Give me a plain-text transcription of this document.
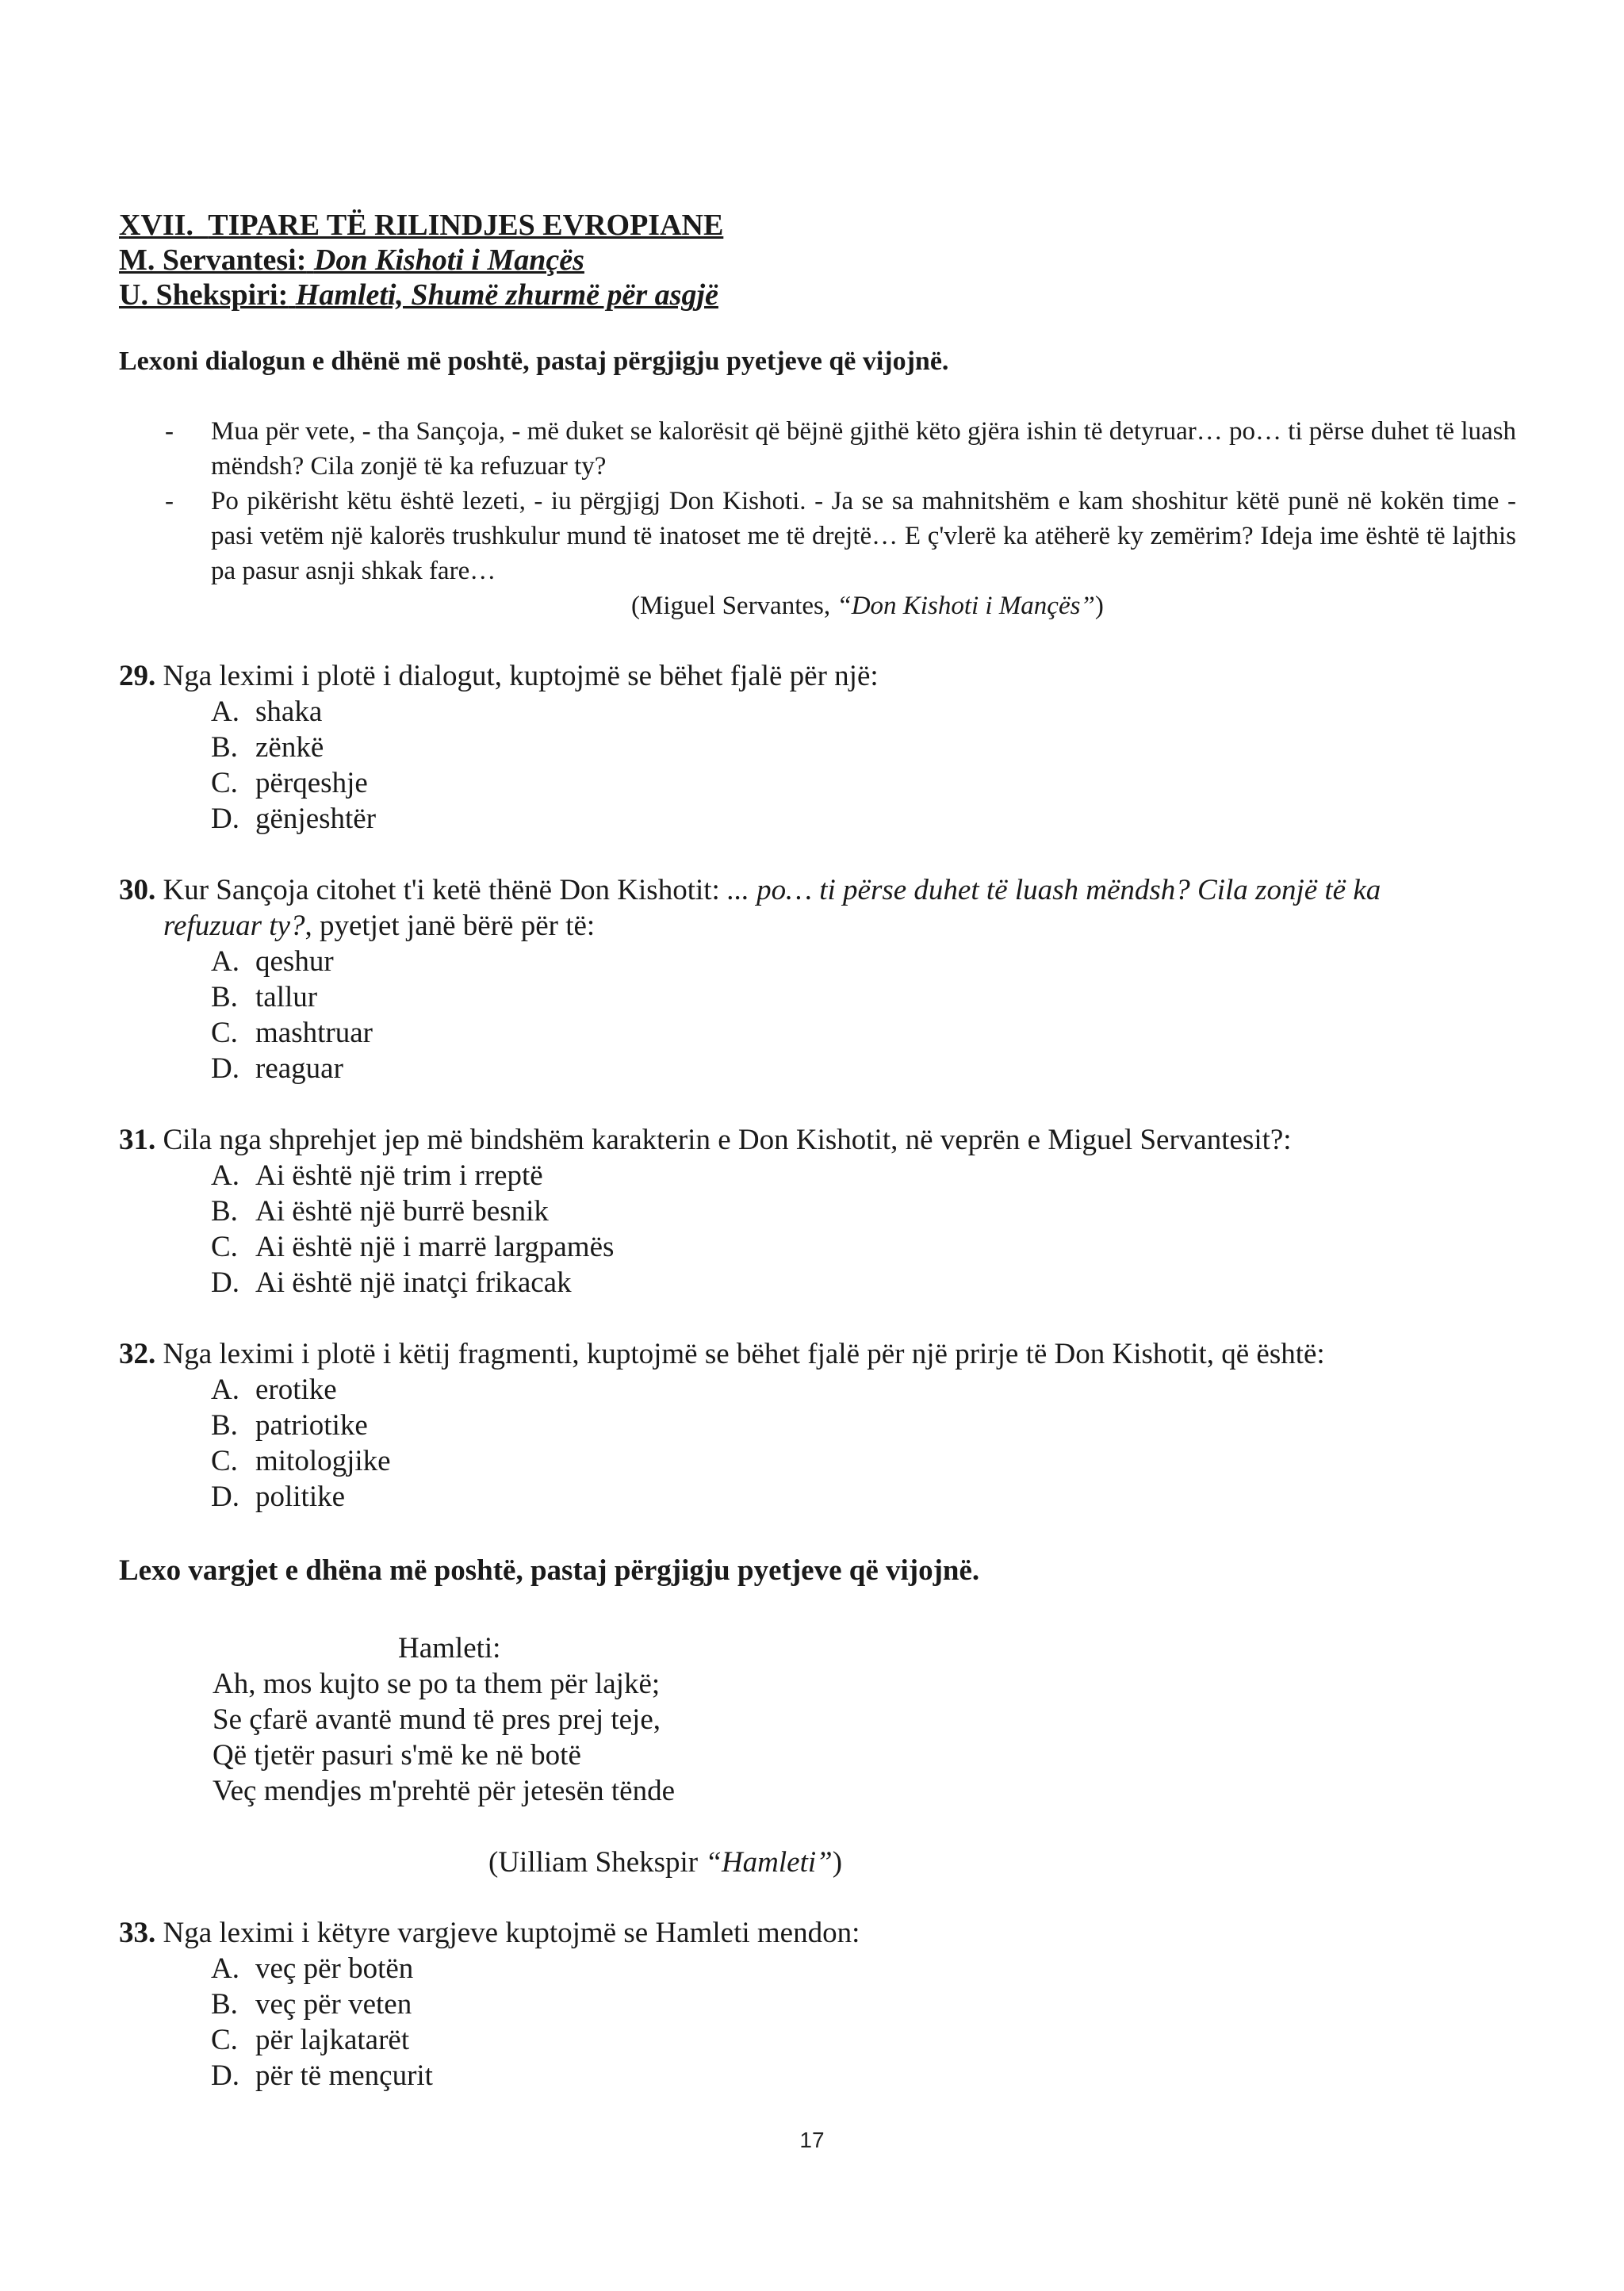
XVII. TIPARE TË RILINDJES EVROPIANE
M. Servantesi: Don Kishoti i Mançës
U. Shekspiri: Hamleti, Shumë zhurmë për asgjë
Lexoni dialogun e dhënë më poshtë, pastaj përgjigju pyetjeve që vijojnë.
- Mua për vete, - tha Sançoja, - më duket se kalorësit që bëjnë gjithë këto gjëra ishin të detyruar… po… ti përse duhet të luash mëndsh? Cila zonjë të ka refuzuar ty?
- Po pikërisht këtu është lezeti, - iu përgjigj Don Kishoti. - Ja se sa mahnitshëm e kam shoshitur këtë punë në kokën time - pasi vetëm një kalorës trushkulur mund të inatoset me të drejtë… E ç'vlerë ka atëherë ky zemërim? Ideja ime është të lajthis pa pasur asnji shkak fare…
(Miguel Servantes, “Don Kishoti i Mançës”)
29. Nga leximi i plotë i dialogut, kuptojmë se bëhet fjalë për një:
A. shaka
B. zënkë
C. përqeshje
D. gënjeshtër
30. Kur Sançoja citohet t'i ketë thënë Don Kishotit: ... po… ti përse duhet të luash mëndsh? Cila zonjë të ka
refuzuar ty?, pyetjet janë bërë për të:
A. qeshur
B. tallur
C. mashtruar
D. reaguar
31. Cila nga shprehjet jep më bindshëm karakterin e Don Kishotit, në veprën e Miguel Servantesit?:
A. Ai është një trim i rreptë
B. Ai është një burrë besnik
C. Ai është një i marrë largpamës
D. Ai është një inatçi frikacak
32. Nga leximi i plotë i këtij fragmenti, kuptojmë se bëhet fjalë për një prirje të Don Kishotit, që është:
A. erotike
B. patriotike
C. mitologjike
D. politike
Lexo vargjet e dhëna më poshtë, pastaj përgjigju pyetjeve që vijojnë.
Hamleti:
Ah, mos kujto se po ta them për lajkë;
Se çfarë avantë mund të pres prej teje,
Që tjetër pasuri s'më ke në botë
Veç mendjes m'prehtë për jetesën tënde
(Uilliam Shekspir “Hamleti”)
33. Nga leximi i këtyre vargjeve kuptojmë se Hamleti mendon:
A. veç për botën
B. veç për veten
C. për lajkatarët
D. për të mençurit
17
